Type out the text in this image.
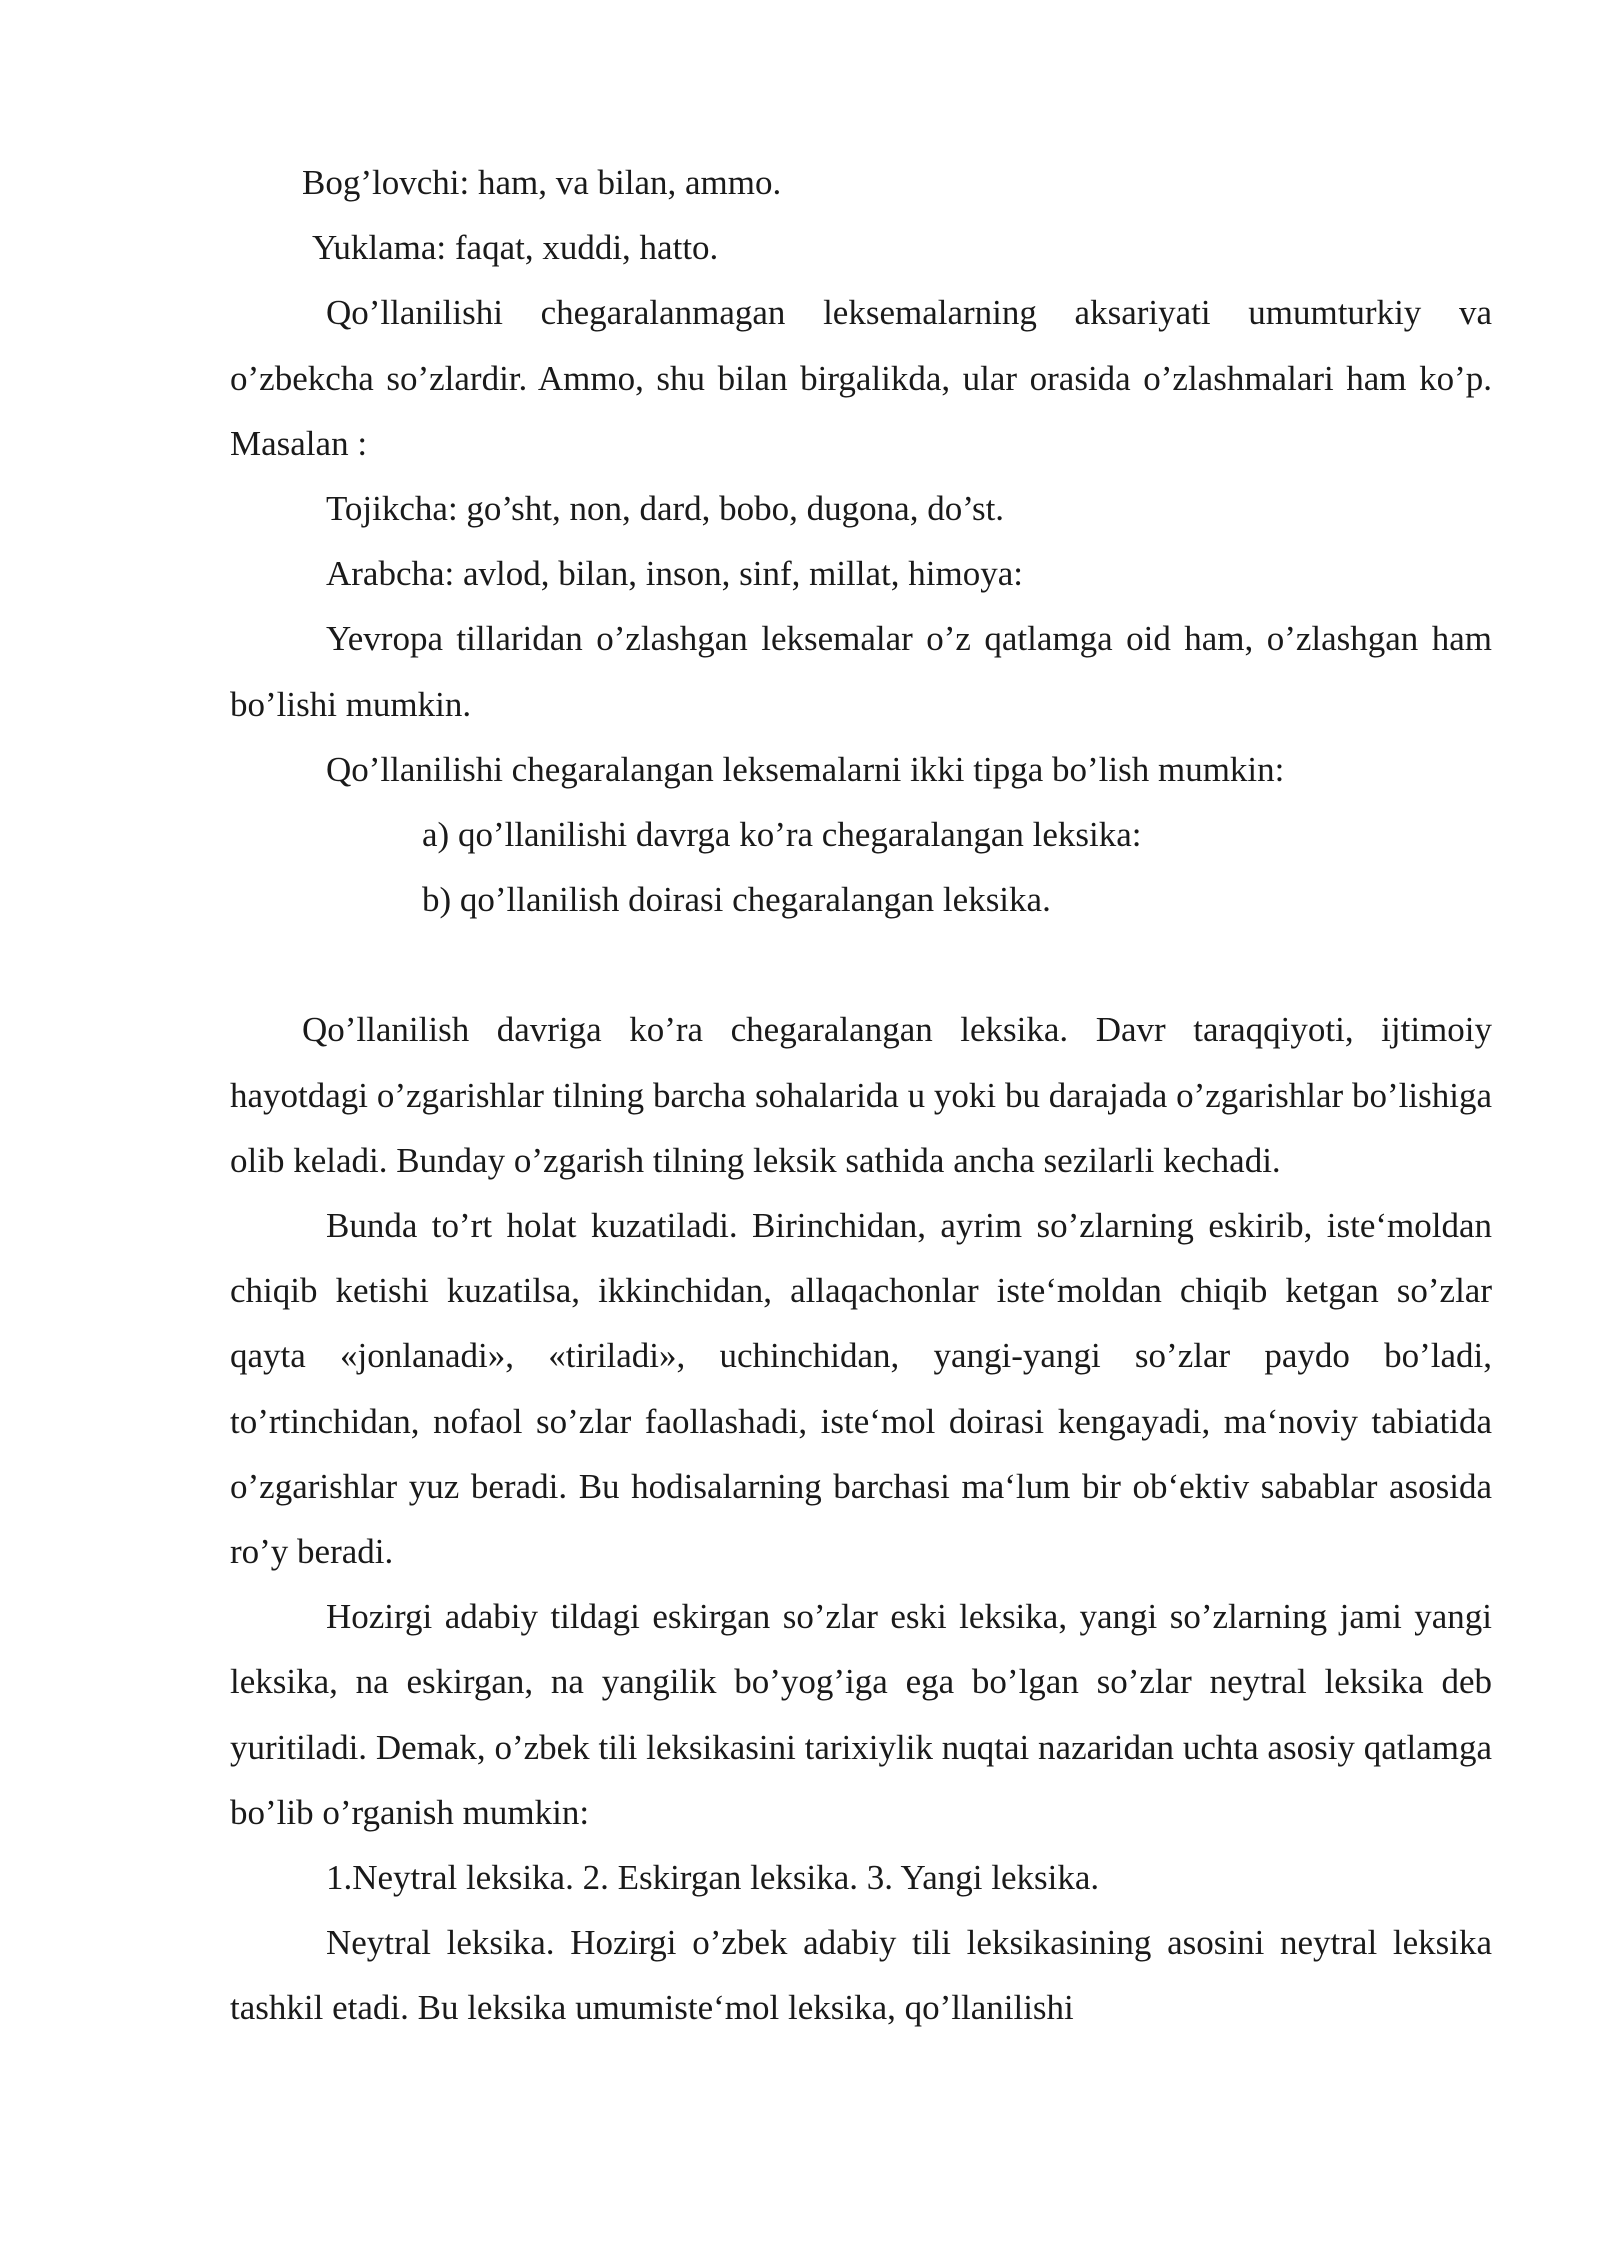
Bog’lovchi: ham, va bilan, ammo.

Yuklama: faqat, xuddi, hatto.

Qo’llanilishi chegaralanmagan leksemalarning aksariyati umumturkiy va o’zbekcha so’zlardir. Ammo, shu bilan birgalikda, ular orasida o’zlashmalari ham ko’p. Masalan :

Tojikcha: go’sht, non, dard, bobo, dugona, do’st.

Arabcha: avlod, bilan, inson, sinf, millat, himoya:

Yevropa tillaridan o’zlashgan leksemalar o’z qatlamga oid ham, o’zlashgan ham bo’lishi mumkin.

Qo’llanilishi chegaralangan leksemalarni ikki tipga bo’lish mumkin:

a) qo’llanilishi davrga ko’ra chegaralangan leksika:

b) qo’llanilish doirasi chegaralangan leksika.

Qo’llanilish davriga ko’ra chegaralangan leksika. Davr taraqqiyoti, ijtimoiy hayotdagi o’zgarishlar tilning barcha sohalarida u yoki bu darajada o’zgarishlar bo’lishiga olib keladi. Bunday o’zgarish tilning leksik sathida ancha sezilarli kechadi.

Bunda to’rt holat kuzatiladi. Birinchidan, ayrim so’zlarning eskirib, iste‘moldan chiqib ketishi kuzatilsa, ikkinchidan, allaqachonlar iste‘moldan chiqib ketgan so’zlar qayta «jonlanadi», «tiriladi», uchinchidan, yangi-yangi so’zlar paydo bo’ladi, to’rtinchidan, nofaol so’zlar faollashadi, iste‘mol doirasi kengayadi, ma‘noviy tabiatida o’zgarishlar yuz beradi. Bu hodisalarning barchasi ma‘lum bir ob‘ektiv sabablar asosida ro’y beradi.

Hozirgi adabiy tildagi eskirgan so’zlar eski leksika, yangi so’zlarning jami yangi leksika, na eskirgan, na yangilik bo’yog’iga ega bo’lgan so’zlar neytral leksika deb yuritiladi. Demak, o’zbek tili leksikasini tarixiylik nuqtai nazaridan uchta asosiy qatlamga bo’lib o’rganish mumkin:

1.Neytral leksika. 2. Eskirgan leksika. 3. Yangi leksika.

Neytral leksika. Hozirgi o’zbek adabiy tili leksikasining asosini neytral leksika tashkil etadi. Bu leksika umumiste‘mol leksika, qo’llanilishi
